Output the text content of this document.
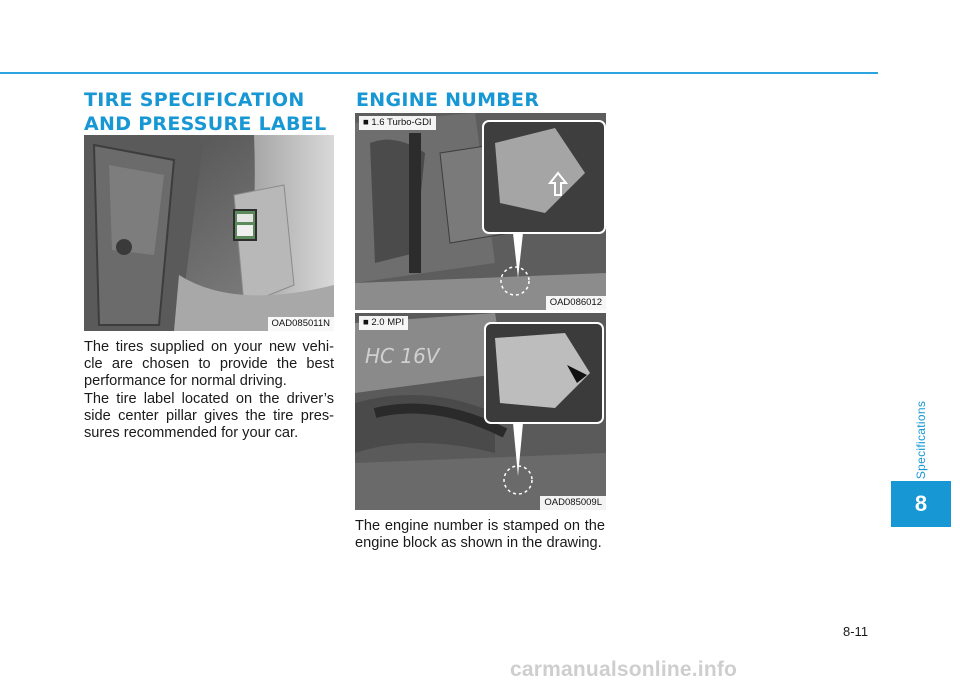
TIRE SPECIFICATION AND PRESSURE LABEL
OAD085011N

The tires supplied on your new vehi-cle are chosen to provide the best performance for normal driving.

The tire label located on the driver’s side center pillar gives the tire pres-sures recommended for your car.

ENGINE NUMBER
■ 1.6 Turbo-GDI
OAD086012
HC 16V
■ 2.0 MPI
OAD085009L

The engine number is stamped on the engine block as shown in the drawing.

Specifications
8
8-11
carmanualsonline.info
